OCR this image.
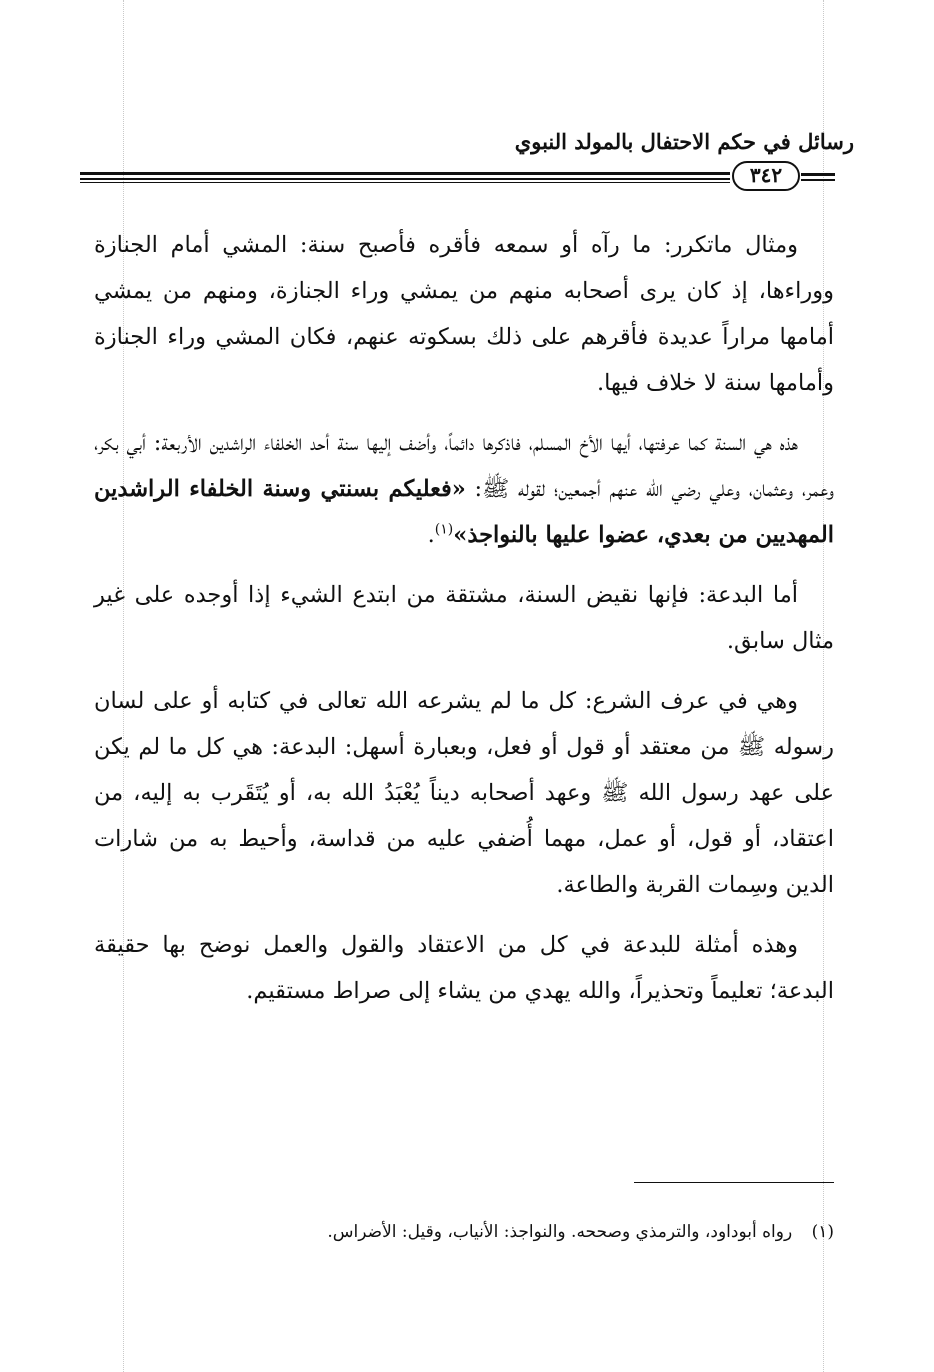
رسائل في حكم الاحتفال بالمولد النبوي
٣٤٢

ومثال ماتكرر: ما رآه أو سمعه فأقره فأصبح سنة: المشي أمام الجنازة ووراءها، إذ كان يرى أصحابه منهم من يمشي وراء الجنازة، ومنهم من يمشي أمامها مراراً عديدة فأقرهم على ذلك بسكوته عنهم، فكان المشي وراء الجنازة وأمامها سنة لا خلاف فيها.

هذه هي السنة كما عرفتها، أيها الأخ المسلم، فاذكرها دائماً، وأضف إليها سنة أحد الخلفاء الراشدين الأربعة: أبي بكر، وعمر، وعثمان، وعلي رضي الله عنهم أجمعين؛ لقوله ﷺ: «فعليكم بسنتي وسنة الخلفاء الراشدين المهديين من بعدي، عضوا عليها بالنواجذ»$^{(١)}$.

أما البدعة: فإنها نقيض السنة، مشتقة من ابتدع الشيء إذا أوجده على غير مثال سابق.

وهي في عرف الشرع: كل ما لم يشرعه الله تعالى في كتابه أو على لسان رسوله ﷺ من معتقد أو قول أو فعل، وبعبارة أسهل: البدعة: هي كل ما لم يكن على عهد رسول الله ﷺ وعهد أصحابه ديناً يُعْبَدُ الله به، أو يُتَقَرب به إليه، من اعتقاد، أو قول، أو عمل، مهما أُضفي عليه من قداسة، وأحيط به من شارات الدين وسِمات القربة والطاعة.

وهذه أمثلة للبدعة في كل من الاعتقاد والقول والعمل نوضح بها حقيقة البدعة؛ تعليماً وتحذيراً، والله يهدي من يشاء إلى صراط مستقيم.

(١) رواه أبوداود، والترمذي وصححه. والنواجذ: الأنياب، وقيل: الأضراس.
